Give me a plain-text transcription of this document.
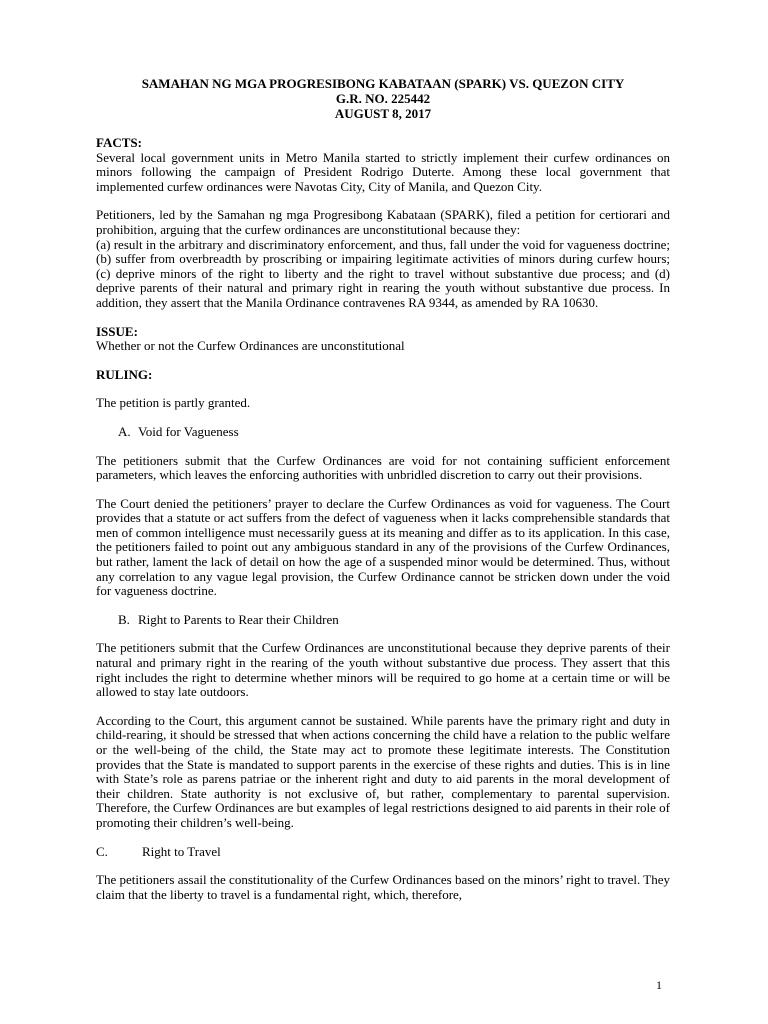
SAMAHAN NG MGA PROGRESIBONG KABATAAN (SPARK) VS. QUEZON CITY
G.R. NO. 225442
AUGUST 8, 2017
FACTS:

Several local government units in Metro Manila started to strictly implement their curfew ordinances on minors following the campaign of President Rodrigo Duterte. Among these local government that implemented curfew ordinances were Navotas City, City of Manila, and Quezon City.

Petitioners, led by the Samahan ng mga Progresibong Kabataan (SPARK), filed a petition for certiorari and prohibition, arguing that the curfew ordinances are unconstitutional because they:

(a) result in the arbitrary and discriminatory enforcement, and thus, fall under the void for vagueness doctrine; (b) suffer from overbreadth by proscribing or impairing legitimate activities of minors during curfew hours; (c) deprive minors of the right to liberty and the right to travel without substantive due process; and (d) deprive parents of their natural and primary right in rearing the youth without substantive due process. In addition, they assert that the Manila Ordinance contravenes RA 9344, as amended by RA 10630.

ISSUE:

Whether or not the Curfew Ordinances are unconstitutional

RULING:

The petition is partly granted.

A. Void for Vagueness

The petitioners submit that the Curfew Ordinances are void for not containing sufficient enforcement parameters, which leaves the enforcing authorities with unbridled discretion to carry out their provisions.

The Court denied the petitioners’ prayer to declare the Curfew Ordinances as void for vagueness. The Court provides that a statute or act suffers from the defect of vagueness when it lacks comprehensible standards that men of common intelligence must necessarily guess at its meaning and differ as to its application. In this case, the petitioners failed to point out any ambiguous standard in any of the provisions of the Curfew Ordinances, but rather, lament the lack of detail on how the age of a suspended minor would be determined. Thus, without any correlation to any vague legal provision, the Curfew Ordinance cannot be stricken down under the void for vagueness doctrine.

B. Right to Parents to Rear their Children

The petitioners submit that the Curfew Ordinances are unconstitutional because they deprive parents of their natural and primary right in the rearing of the youth without substantive due process. They assert that this right includes the right to determine whether minors will be required to go home at a certain time or will be allowed to stay late outdoors.

According to the Court, this argument cannot be sustained. While parents have the primary right and duty in child-rearing, it should be stressed that when actions concerning the child have a relation to the public welfare or the well-being of the child, the State may act to promote these legitimate interests. The Constitution provides that the State is mandated to support parents in the exercise of these rights and duties. This is in line with State’s role as parens patriae or the inherent right and duty to aid parents in the moral development of their children. State authority is not exclusive of, but rather, complementary to parental supervision. Therefore, the Curfew Ordinances are but examples of legal restrictions designed to aid parents in their role of promoting their children’s well-being.

C.	Right to Travel

The petitioners assail the constitutionality of the Curfew Ordinances based on the minors’ right to travel. They claim that the liberty to travel is a fundamental right, which, therefore,

1
